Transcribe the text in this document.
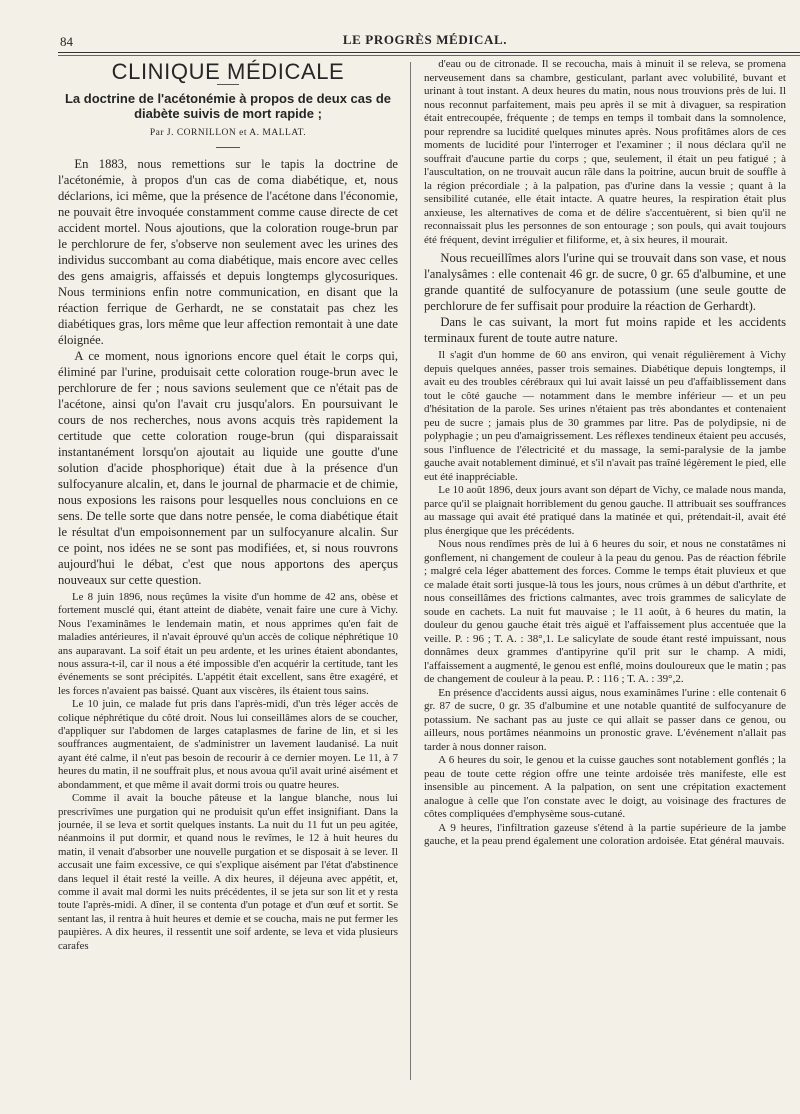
84	LE PROGRÈS MÉDICAL.
CLINIQUE MÉDICALE
La doctrine de l'acétonémie à propos de deux cas de diabète suivis de mort rapide ;
Par J. CORNILLON et A. MALLAT.

En 1883, nous remettions sur le tapis la doctrine de l'acétonémie, à propos d'un cas de coma diabétique, et, nous déclarions, ici même, que la présence de l'acétone dans l'économie, ne pouvait être invoquée constamment comme cause directe de cet accident mortel. Nous ajoutions, que la coloration rouge-brun par le perchlorure de fer, s'observe non seulement avec les urines des individus succombant au coma diabétique, mais encore avec celles des gens amaigris, affaissés et depuis longtemps glycosuriques. Nous terminions enfin notre communication, en disant que la réaction ferrique de Gerhardt, ne se constatait pas chez les diabétiques gras, lors même que leur affection remontait à une date éloignée.

A ce moment, nous ignorions encore quel était le corps qui, éliminé par l'urine, produisait cette coloration rouge-brun avec le perchlorure de fer ; nous savions seulement que ce n'était pas de l'acétone, ainsi qu'on l'avait cru jusqu'alors. En poursuivant le cours de nos recherches, nous avons acquis très rapidement la certitude que cette coloration rouge-brun (qui disparaissait instantanément lorsqu'on ajoutait au liquide une goutte d'une solution d'acide phosphorique) était due à la présence d'un sulfocyanure alcalin, et, dans le journal de pharmacie et de chimie, nous exposions les raisons pour lesquelles nous concluions en ce sens. De telle sorte que dans notre pensée, le coma diabétique était le résultat d'un empoisonnement par un sulfocyanure alcalin. Sur ce point, nos idées ne se sont pas modifiées, et, si nous rouvrons aujourd'hui le débat, c'est que nous apportons des aperçus nouveaux sur cette question.

Le 8 juin 1896, nous reçûmes la visite d'un homme de 42 ans, obèse et fortement musclé qui, étant atteint de diabète, venait faire une cure à Vichy. Nous l'examinâmes le lendemain matin, et nous apprimes qu'en fait de maladies antérieures, il n'avait éprouvé qu'un accès de colique néphrétique 10 ans auparavant. La soif était un peu ardente, et les urines étaient abondantes, nous assura-t-il, car il nous a été impossible d'en acquérir la certitude, tant les événements se sont précipités. L'appétit était excellent, sans être exagéré, et les forces n'avaient pas baissé. Quant aux viscères, ils étaient tous sains.

Le 10 juin, ce malade fut pris dans l'après-midi, d'un très léger accès de colique néphrétique du côté droit. Nous lui conseillâmes alors de se coucher, d'appliquer sur l'abdomen de larges cataplasmes de farine de lin, et si les souffrances augmentaient, de s'administrer un lavement laudanisé. La nuit ayant été calme, il n'eut pas besoin de recourir à ce dernier moyen. Le 11, à 7 heures du matin, il ne souffrait plus, et nous avoua qu'il avait uriné aisément et abondamment, et que même il avait dormi trois ou quatre heures.

Comme il avait la bouche pâteuse et la langue blanche, nous lui prescrivîmes une purgation qui ne produisit qu'un effet insignifiant. Dans la journée, il se leva et sortit quelques instants. La nuit du 11 fut un peu agitée, néanmoins il put dormir, et quand nous le revîmes, le 12 à huit heures du matin, il venait d'absorber une nouvelle purgation et se disposait à se lever. Il accusait une faim excessive, ce qui s'explique aisément par l'état d'abstinence dans lequel il était resté la veille. A dix heures, il déjeuna avec appétit, et, comme il avait mal dormi les nuits précédentes, il se jeta sur son lit et y resta toute l'après-midi. A dîner, il se contenta d'un potage et d'un œuf et sortit. Se sentant las, il rentra à huit heures et demie et se coucha, mais ne put fermer les paupières. A dix heures, il ressentit une soif ardente, se leva et vida plusieurs carafes

d'eau ou de citronade. Il se recoucha, mais à minuit il se releva, se promena nerveusement dans sa chambre, gesticulant, parlant avec volubilité, buvant et urinant à tout instant. A deux heures du matin, nous nous trouvions près de lui. Il nous reconnut parfaitement, mais peu après il se mit à divaguer, sa respiration était entrecoupée, fréquente ; de temps en temps il tombait dans la somnolence, pour reprendre sa lucidité quelques minutes après. Nous profitâmes alors de ces moments de lucidité pour l'interroger et l'examiner ; il nous déclara qu'il ne souffrait d'aucune partie du corps ; que, seulement, il était un peu fatigué ; à l'auscultation, on ne trouvait aucun râle dans la poitrine, aucun bruit de souffle à la région précordiale ; à la palpation, pas d'urine dans la vessie ; quant à la sensibilité cutanée, elle était intacte. A quatre heures, la respiration était plus anxieuse, les alternatives de coma et de délire s'accentuèrent, si bien qu'il ne reconnaissait plus les personnes de son entourage ; son pouls, qui avait toujours été fréquent, devint irrégulier et filiforme, et, à six heures, il mourait.

Nous recueillîmes alors l'urine qui se trouvait dans son vase, et nous l'analysâmes : elle contenait 46 gr. de sucre, 0 gr. 65 d'albumine, et une grande quantité de sulfocyanure de potassium (une seule goutte de perchlorure de fer suffisait pour produire la réaction de Gerhardt).

Dans le cas suivant, la mort fut moins rapide et les accidents terminaux furent de toute autre nature.

Il s'agit d'un homme de 60 ans environ, qui venait régulièrement à Vichy depuis quelques années, passer trois semaines. Diabétique depuis longtemps, il avait eu des troubles cérébraux qui lui avait laissé un peu d'affaiblissement dans tout le côté gauche — notamment dans le membre inférieur — et un peu d'hésitation de la parole. Ses urines n'étaient pas très abondantes et contenaient peu de sucre ; jamais plus de 30 grammes par litre. Pas de polydipsie, ni de polyphagie ; un peu d'amaigrissement. Les réflexes tendineux étaient peu accusés, sous l'influence de l'électricité et du massage, la semi-paralysie de la jambe gauche avait notablement diminué, et s'il n'avait pas traîné légèrement le pied, elle eut été inappréciable.

Le 10 août 1896, deux jours avant son départ de Vichy, ce malade nous manda, parce qu'il se plaignait horriblement du genou gauche. Il attribuait ses souffrances au massage qui avait été pratiqué dans la matinée et qui, prétendait-il, avait été plus énergique que les précédents.

Nous nous rendîmes près de lui à 6 heures du soir, et nous ne constatâmes ni gonflement, ni changement de couleur à la peau du genou. Pas de réaction fébrile ; malgré cela léger abattement des forces. Comme le temps était pluvieux et que ce malade était sorti jusque-là tous les jours, nous crûmes à un début d'arthrite, et nous conseillâmes des frictions calmantes, avec trois grammes de salicylate de soude en cachets. La nuit fut mauvaise ; le 11 août, à 6 heures du matin, la douleur du genou gauche était très aiguë et l'affaissement plus accentuée que la veille. P. : 96 ; T. A. : 38°,1. Le salicylate de soude étant resté impuissant, nous donnâmes deux grammes d'antipyrine qu'il prit sur le champ. A midi, l'affaissement a augmenté, le genou est enflé, moins douloureux que le matin ; pas de changement de couleur à la peau. P. : 116 ; T. A. : 39°,2.

En présence d'accidents aussi aigus, nous examinâmes l'urine : elle contenait 6 gr. 87 de sucre, 0 gr. 35 d'albumine et une notable quantité de sulfocyanure de potassium. Ne sachant pas au juste ce qui allait se passer dans ce genou, ou ailleurs, nous portâmes néanmoins un pronostic grave. L'événement n'allait pas tarder à nous donner raison.

A 6 heures du soir, le genou et la cuisse gauches sont notablement gonflés ; la peau de toute cette région offre une teinte ardoisée très manifeste, elle est insensible au pincement. A la palpation, on sent une crépitation exactement analogue à celle que l'on constate avec le doigt, au voisinage des fractures de côtes compliquées d'emphysème sous-cutané.

A 9 heures, l'infiltration gazeuse s'étend à la partie supérieure de la jambe gauche, et la peau prend également une coloration ardoisée. Etat général mauvais.
